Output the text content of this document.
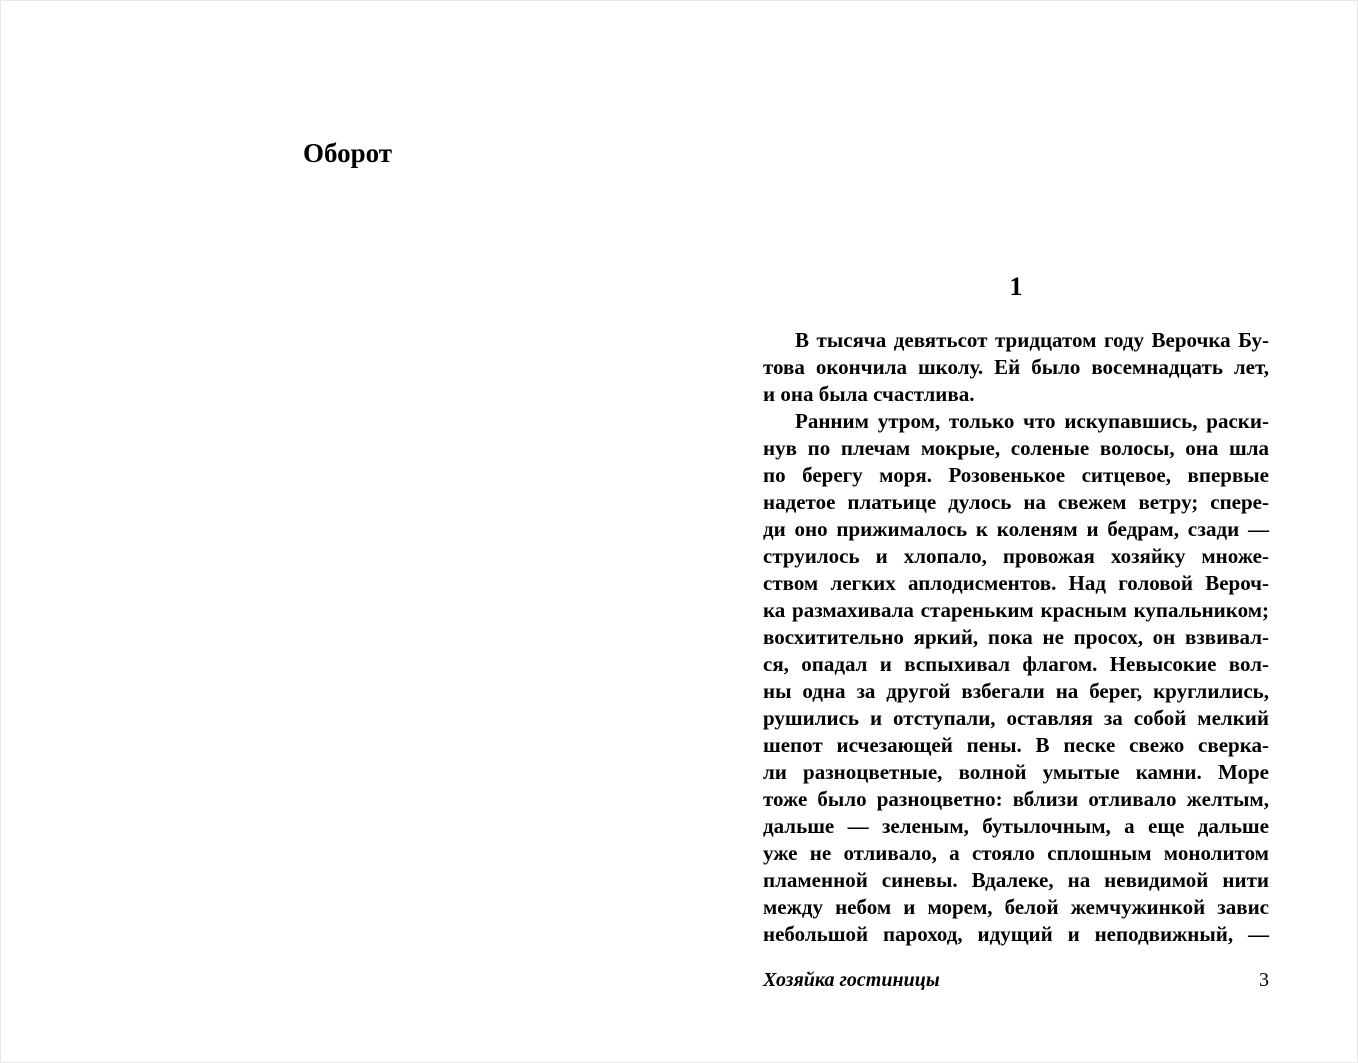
Оборот
1
В тысяча девятьсот тридцатом году Верочка Бу-
това окончила школу. Ей было восемнадцать лет,
и она была счастлива.
Ранним утром, только что искупавшись, раски-
нув по плечам мокрые, соленые волосы, она шла
по берегу моря. Розовенькое ситцевое, впервые
надетое платьице дулось на свежем ветру; спере-
ди оно прижималось к коленям и бедрам, сзади —
струилось и хлопало, провожая хозяйку множе-
ством легких аплодисментов. Над головой Вероч-
ка размахивала стареньким красным купальником;
восхитительно яркий, пока не просох, он взвивал-
ся, опадал и вспыхивал флагом. Невысокие вол-
ны одна за другой взбегали на берег, круглились,
рушились и отступали, оставляя за собой мелкий
шепот исчезающей пены. В песке свежо сверка-
ли разноцветные, волной умытые камни. Море
тоже было разноцветно: вблизи отливало желтым,
дальше — зеленым, бутылочным, а еще дальше
уже не отливало, а стояло сплошным монолитом
пламенной синевы. Вдалеке, на невидимой нити
между небом и морем, белой жемчужинкой завис
небольшой пароход, идущий и неподвижный, —
Хозяйка гостиницы	3
